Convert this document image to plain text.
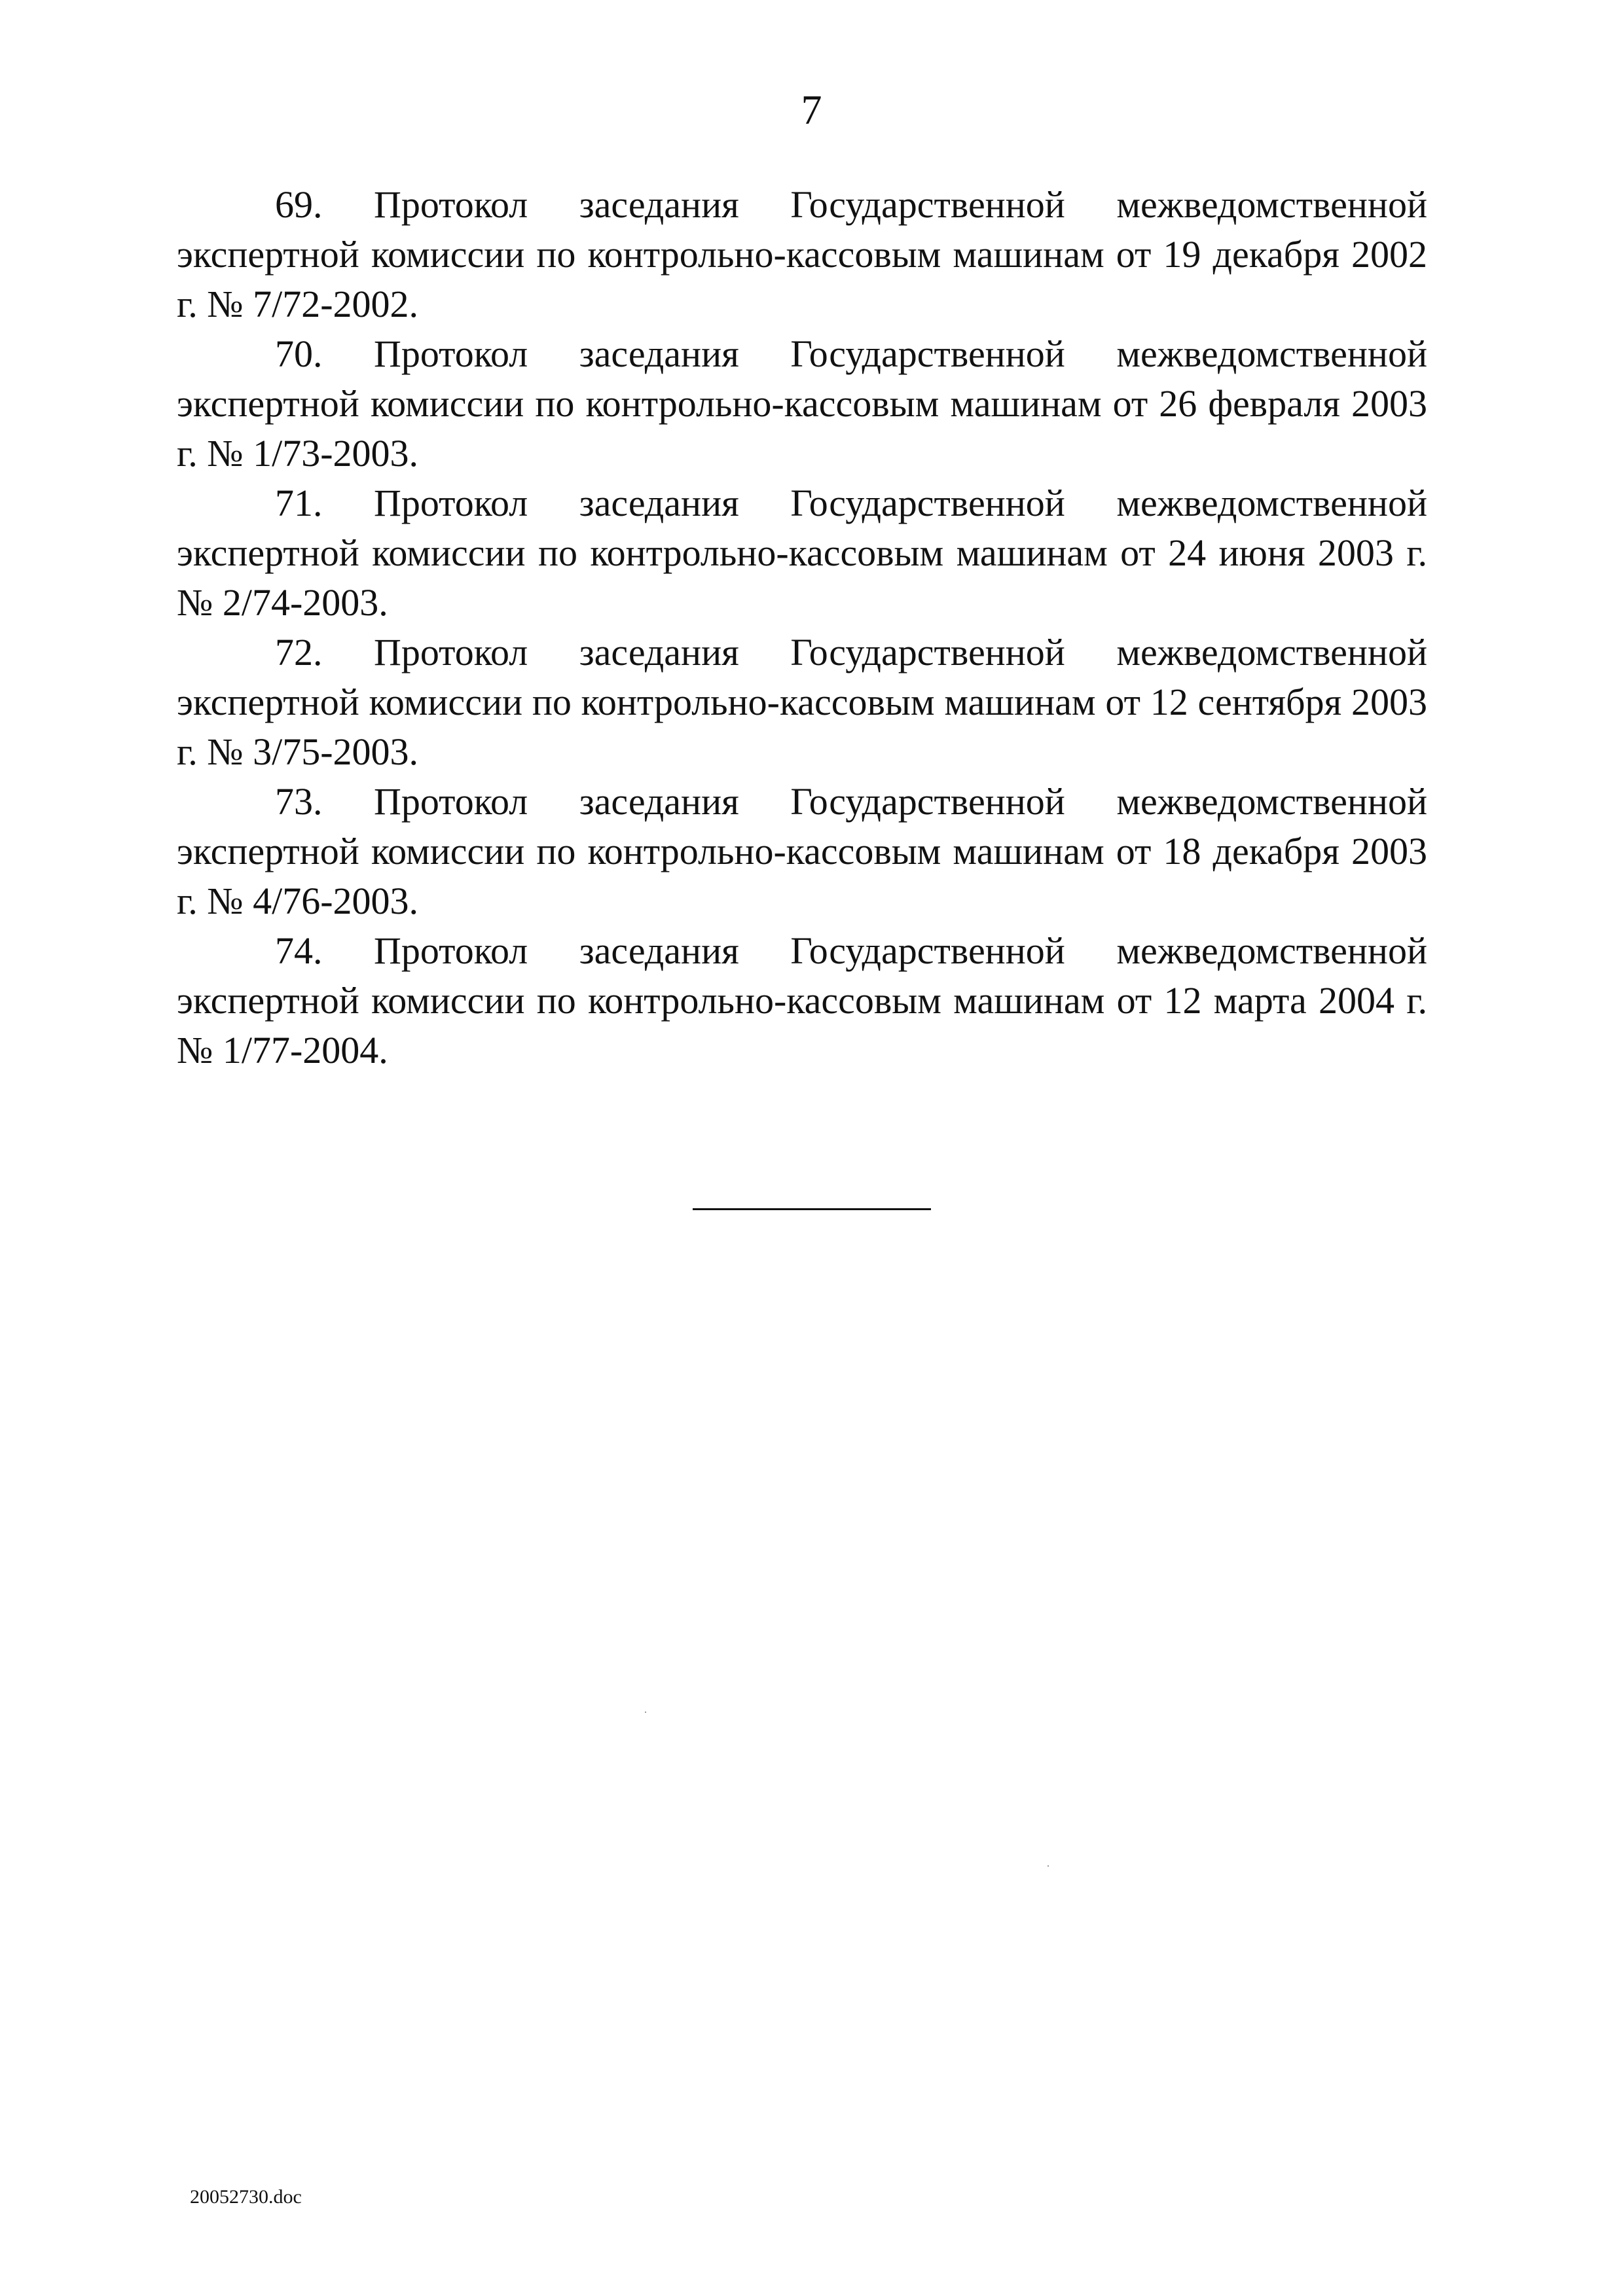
7

69. Протокол заседания Государственной межведомственной экспертной комиссии по контрольно-кассовым машинам от 19 декабря 2002 г. № 7/72-2002.

70. Протокол заседания Государственной межведомственной экспертной комиссии по контрольно-кассовым машинам от 26 февраля 2003 г. № 1/73-2003.

71. Протокол заседания Государственной межведомственной экспертной комиссии по контрольно-кассовым машинам от 24 июня 2003 г. № 2/74-2003.

72. Протокол заседания Государственной межведомственной экспертной комиссии по контрольно-кассовым машинам от 12 сентября 2003 г. № 3/75-2003.

73. Протокол заседания Государственной межведомственной экспертной комиссии по контрольно-кассовым машинам от 18 декабря 2003 г. № 4/76-2003.

74. Протокол заседания Государственной межведомственной экспертной комиссии по контрольно-кассовым машинам от 12 марта 2004 г. № 1/77-2004.

20052730.doc
